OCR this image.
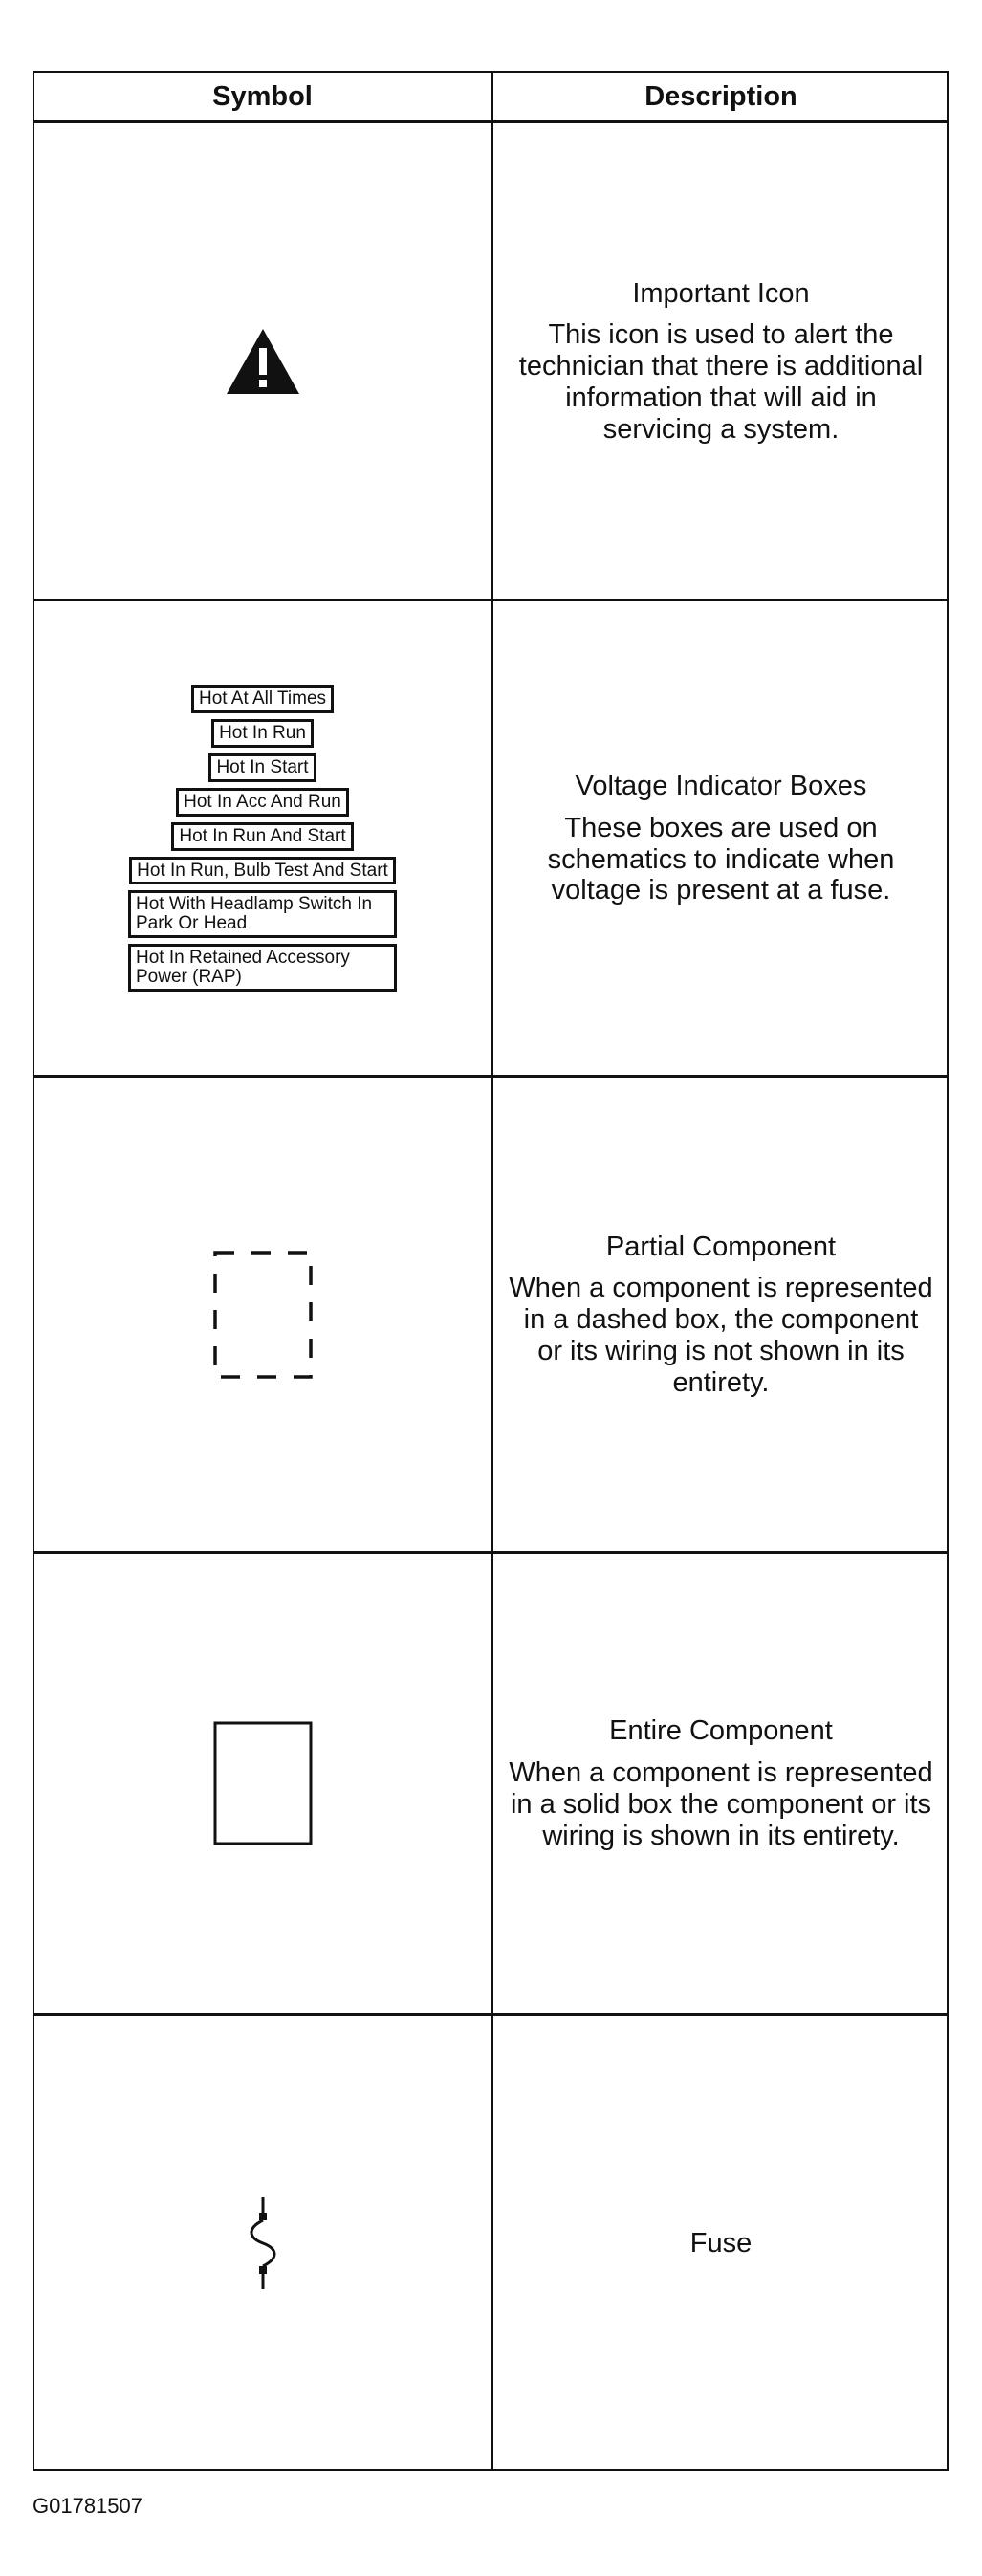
Symbol	Description
Important Icon
This icon is used to alert the technician that there is additional information that will aid in servicing a system.
Hot At All Times
Hot In Run
Hot In Start
Hot In Acc And Run
Hot In Run And Start
Hot In Run, Bulb Test And Start
Hot With Headlamp Switch In Park Or Head
Hot In Retained Accessory Power (RAP)
Voltage Indicator Boxes
These boxes are used on schematics to indicate when voltage is present at a fuse.
Partial Component
When a component is represented in a dashed box, the component or its wiring is not shown in its entirety.
Entire Component
When a component is represented in a solid box the component or its wiring is shown in its entirety.
Fuse
G01781507
